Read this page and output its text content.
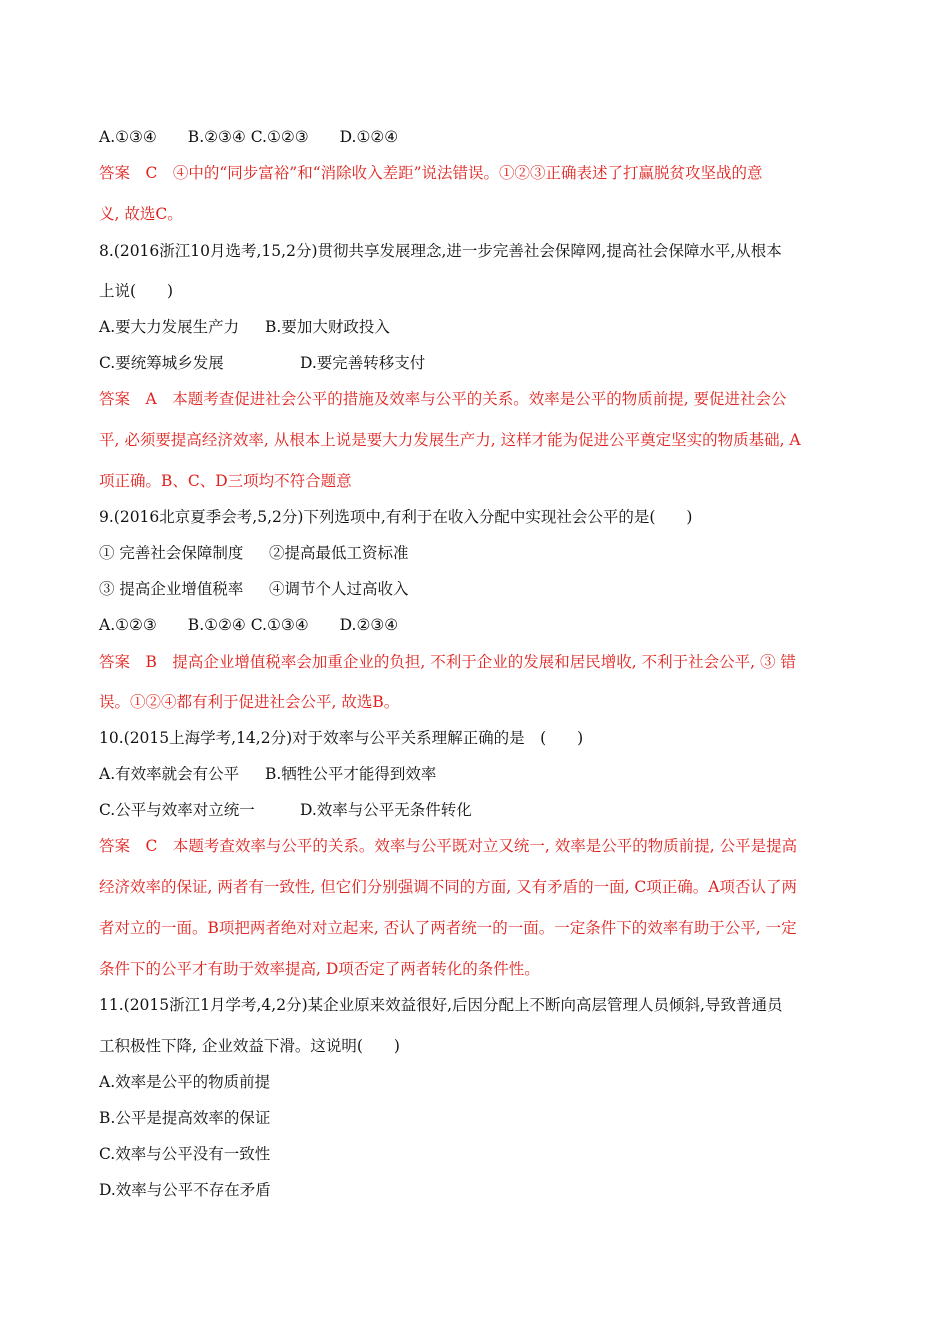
A.①③④　　B.②③④ C.①②③　　D.①②④
答案　C　④中的“同步富裕”和“消除收入差距”说法错误。①②③正确表述了打赢脱贫攻坚战的意
义, 故选C。
8.(2016浙江10月选考,15,2分)贯彻共享发展理念,进一步完善社会保障网,提高社会保障水平,从根本
上说(　　)
A.要大力发展生产力 B.要加大财政投入
C.要统筹城乡发展	D.要完善转移支付
答案　A　本题考查促进社会公平的措施及效率与公平的关系。效率是公平的物质前提, 要促进社会公
平, 必须要提高经济效率, 从根本上说是要大力发展生产力, 这样才能为促进公平奠定坚实的物质基础, A
项正确。B、C、D三项均不符合题意
9.(2016北京夏季会考,5,2分)下列选项中,有利于在收入分配中实现社会公平的是(　　)
① 完善社会保障制度 ②提高最低工资标准
③ 提高企业增值税率 ④调节个人过高收入
A.①②③　　B.①②④ C.①③④　　D.②③④
答案　B　提高企业增值税率会加重企业的负担, 不利于企业的发展和居民增收, 不利于社会公平, ③ 错
误。①②④都有利于促进社会公平, 故选B。
10.(2015上海学考,14,2分)对于效率与公平关系理解正确的是　(　　)
A.有效率就会有公平 B.牺牲公平才能得到效率
C.公平与效率对立统一	D.效率与公平无条件转化
答案　C　本题考查效率与公平的关系。效率与公平既对立又统一, 效率是公平的物质前提, 公平是提高
经济效率的保证, 两者有一致性, 但它们分别强调不同的方面, 又有矛盾的一面, C项正确。A项否认了两
者对立的一面。B项把两者绝对对立起来, 否认了两者统一的一面。一定条件下的效率有助于公平, 一定
条件下的公平才有助于效率提高, D项否定了两者转化的条件性。
11.(2015浙江1月学考,4,2分)某企业原来效益很好,后因分配上不断向高层管理人员倾斜,导致普通员
工积极性下降, 企业效益下滑。这说明(　　)
A.效率是公平的物质前提
B.公平是提高效率的保证
C.效率与公平没有一致性
D.效率与公平不存在矛盾
